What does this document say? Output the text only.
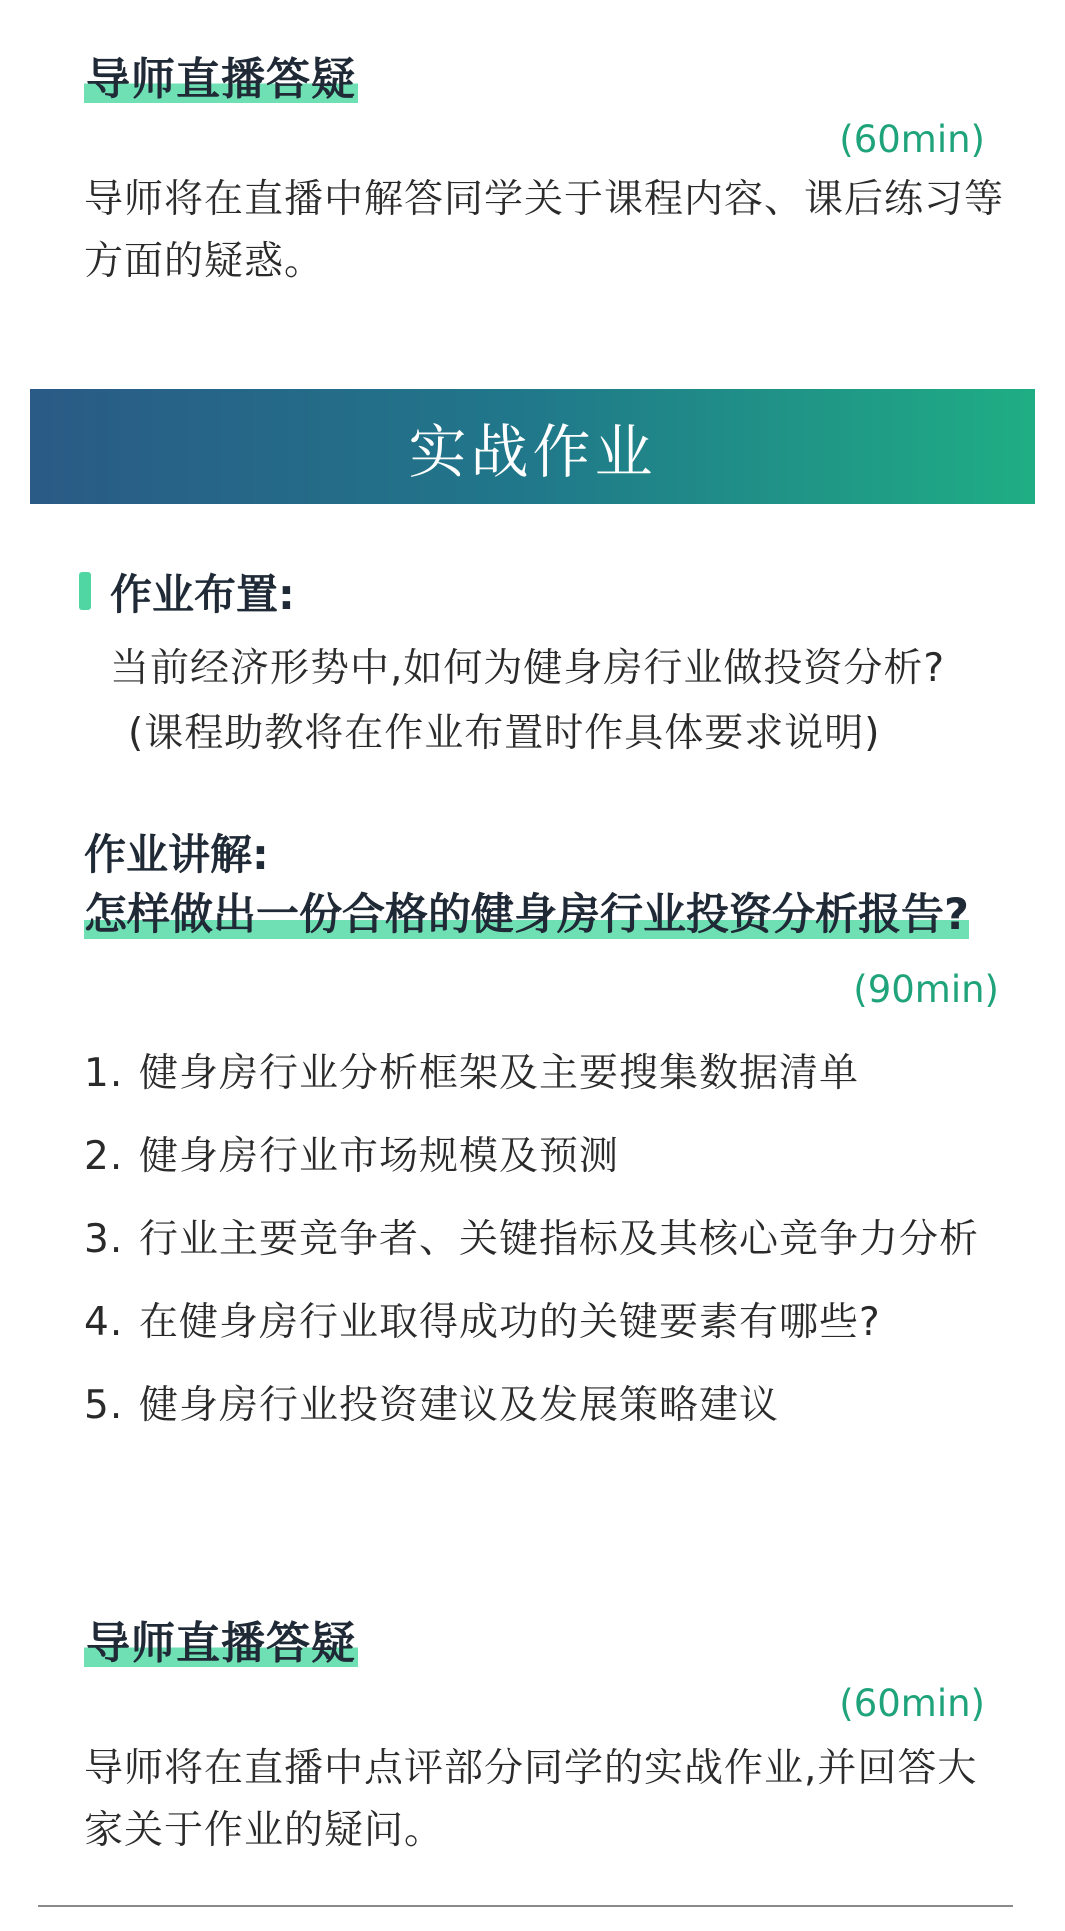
导师直播答疑
(60min)
导师将在直播中解答同学关于课程内容、课后练习等方面的疑惑。
实战作业
作业布置:
当前经济形势中,如何为健身房行业做投资分析?
(课程助教将在作业布置时作具体要求说明)
作业讲解:
怎样做出一份合格的健身房行业投资分析报告?
(90min)
1. 健身房行业分析框架及主要搜集数据清单
2. 健身房行业市场规模及预测
3. 行业主要竞争者、关键指标及其核心竞争力分析
4. 在健身房行业取得成功的关键要素有哪些?
5. 健身房行业投资建议及发展策略建议
导师直播答疑
(60min)
导师将在直播中点评部分同学的实战作业,并回答大家关于作业的疑问。
